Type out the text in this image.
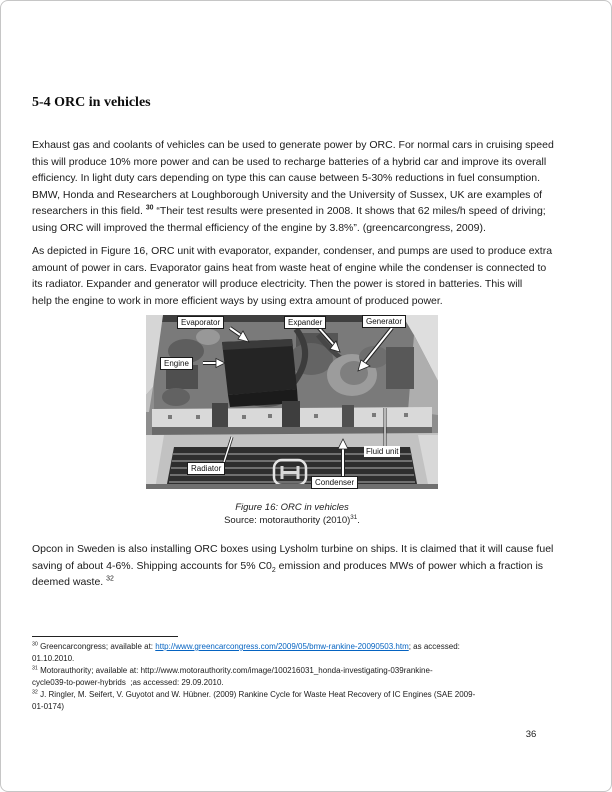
5-4 ORC in vehicles
Exhaust gas and coolants of vehicles can be used to generate power by ORC. For normal cars in cruising speed
this will produce 10% more power and can be used to recharge batteries of a hybrid car and improve its overall
efficiency. In light duty cars depending on type this can cause between 5-30% reductions in fuel consumption.
BMW, Honda and Researchers at Loughborough University and the University of Sussex, UK are examples of
researchers in this field. $^{30}$ “Their test results were presented in 2008. It shows that 62 miles/h speed of driving;
using ORC will improved the thermal efficiency of the engine by 3.8%”. (greencarcongress, 2009).
As depicted in Figure 16, ORC unit with evaporator, expander, condenser, and pumps are used to produce extra
amount of power in cars. Evaporator gains heat from waste heat of engine while the condenser is connected to
its radiator. Expander and generator will produce electricity. Then the power is stored in batteries. This will
help the engine to work in more efficient ways by using extra amount of produced power.
Evaporator	Expander	Generator
Engine
Radiator
Condenser
Fluid unit
Figure 16: ORC in vehicles
Source: motorauthority $(2010)^{31}$.
Opcon in Sweden is also installing ORC boxes using Lysholm turbine on ships. It is claimed that it will cause fuel
saving of about 4-6%. Shipping accounts for 5% $C0_2$ emission and produces MWs of power which a fraction is
deemed waste. $^{32}$
$^{30}$ Greencarcongress; available at: http://www.greencarcongress.com/2009/05/bmw-rankine-20090503.htm; as accessed:
01.10.2010.
$^{31}$ Motorauthority; available at: http://www.motorauthority.com/image/100216031_honda-investigating-039rankine-
cycle039-to-power-hybrids  ;as accessed: 29.09.2010.
$^{32}$ J. Ringler, M. Seifert, V. Guyotot and W. Hübner. (2009) Rankine Cycle for Waste Heat Recovery of IC Engines (SAE 2009-
01-0174)
36
